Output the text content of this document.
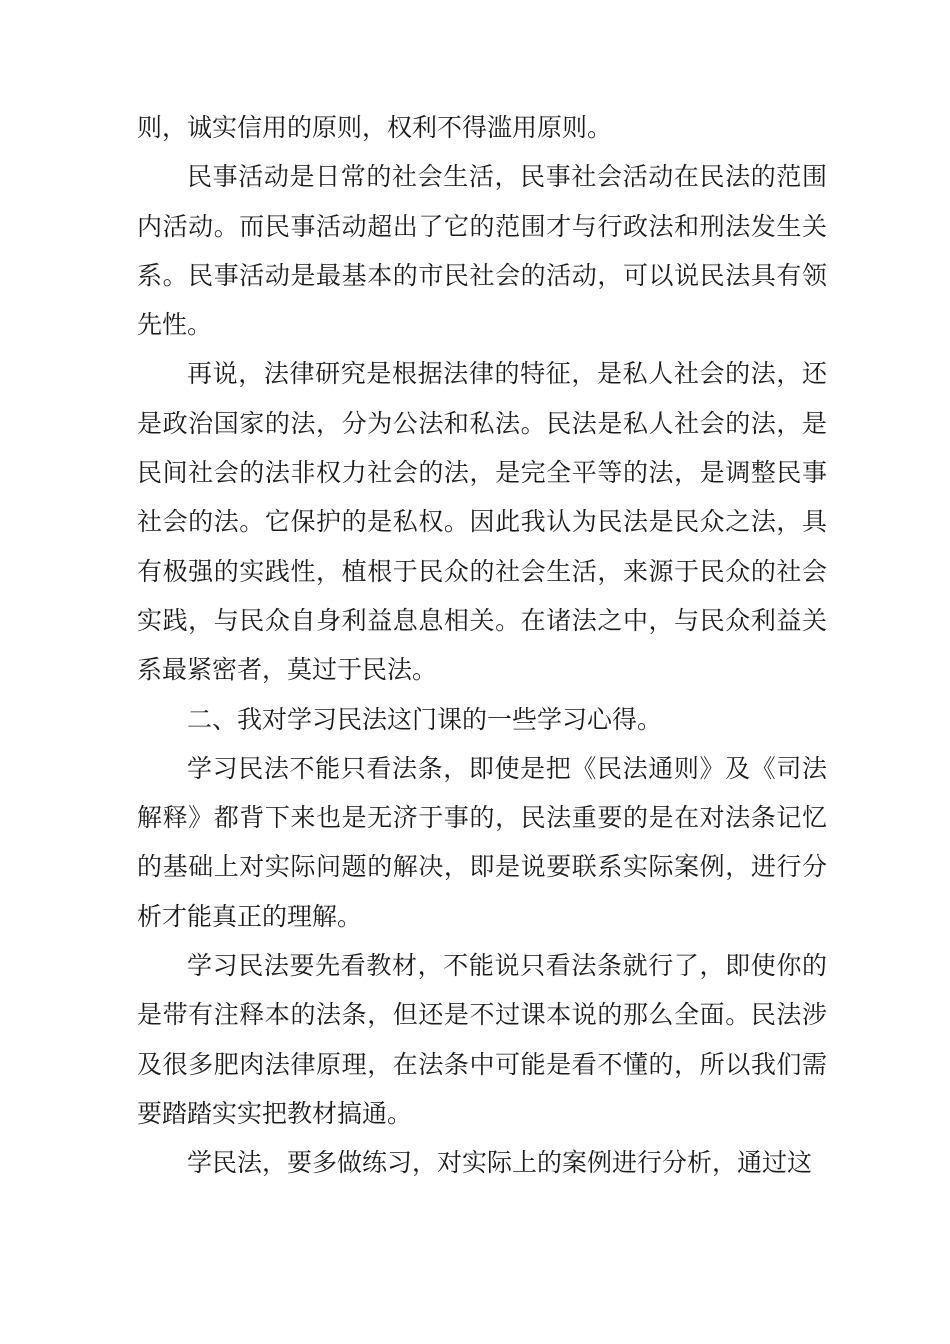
则，诚实信用的原则，权利不得滥用原则。

民事活动是日常的社会生活，民事社会活动在民法的范围内活动。而民事活动超出了它的范围才与行政法和刑法发生关系。民事活动是最基本的市民社会的活动，可以说民法具有领先性。

再说，法律研究是根据法律的特征，是私人社会的法，还是政治国家的法，分为公法和私法。民法是私人社会的法，是民间社会的法非权力社会的法，是完全平等的法，是调整民事社会的法。它保护的是私权。因此我认为民法是民众之法，具有极强的实践性，植根于民众的社会生活，来源于民众的社会实践，与民众自身利益息息相关。在诸法之中，与民众利益关系最紧密者，莫过于民法。

二、我对学习民法这门课的一些学习心得。

学习民法不能只看法条，即使是把《民法通则》及《司法解释》都背下来也是无济于事的，民法重要的是在对法条记忆的基础上对实际问题的解决，即是说要联系实际案例，进行分析才能真正的理解。

学习民法要先看教材，不能说只看法条就行了，即使你的是带有注释本的法条，但还是不过课本说的那么全面。民法涉及很多肥肉法律原理，在法条中可能是看不懂的，所以我们需要踏踏实实把教材搞通。

学民法，要多做练习，对实际上的案例进行分析，通过这
